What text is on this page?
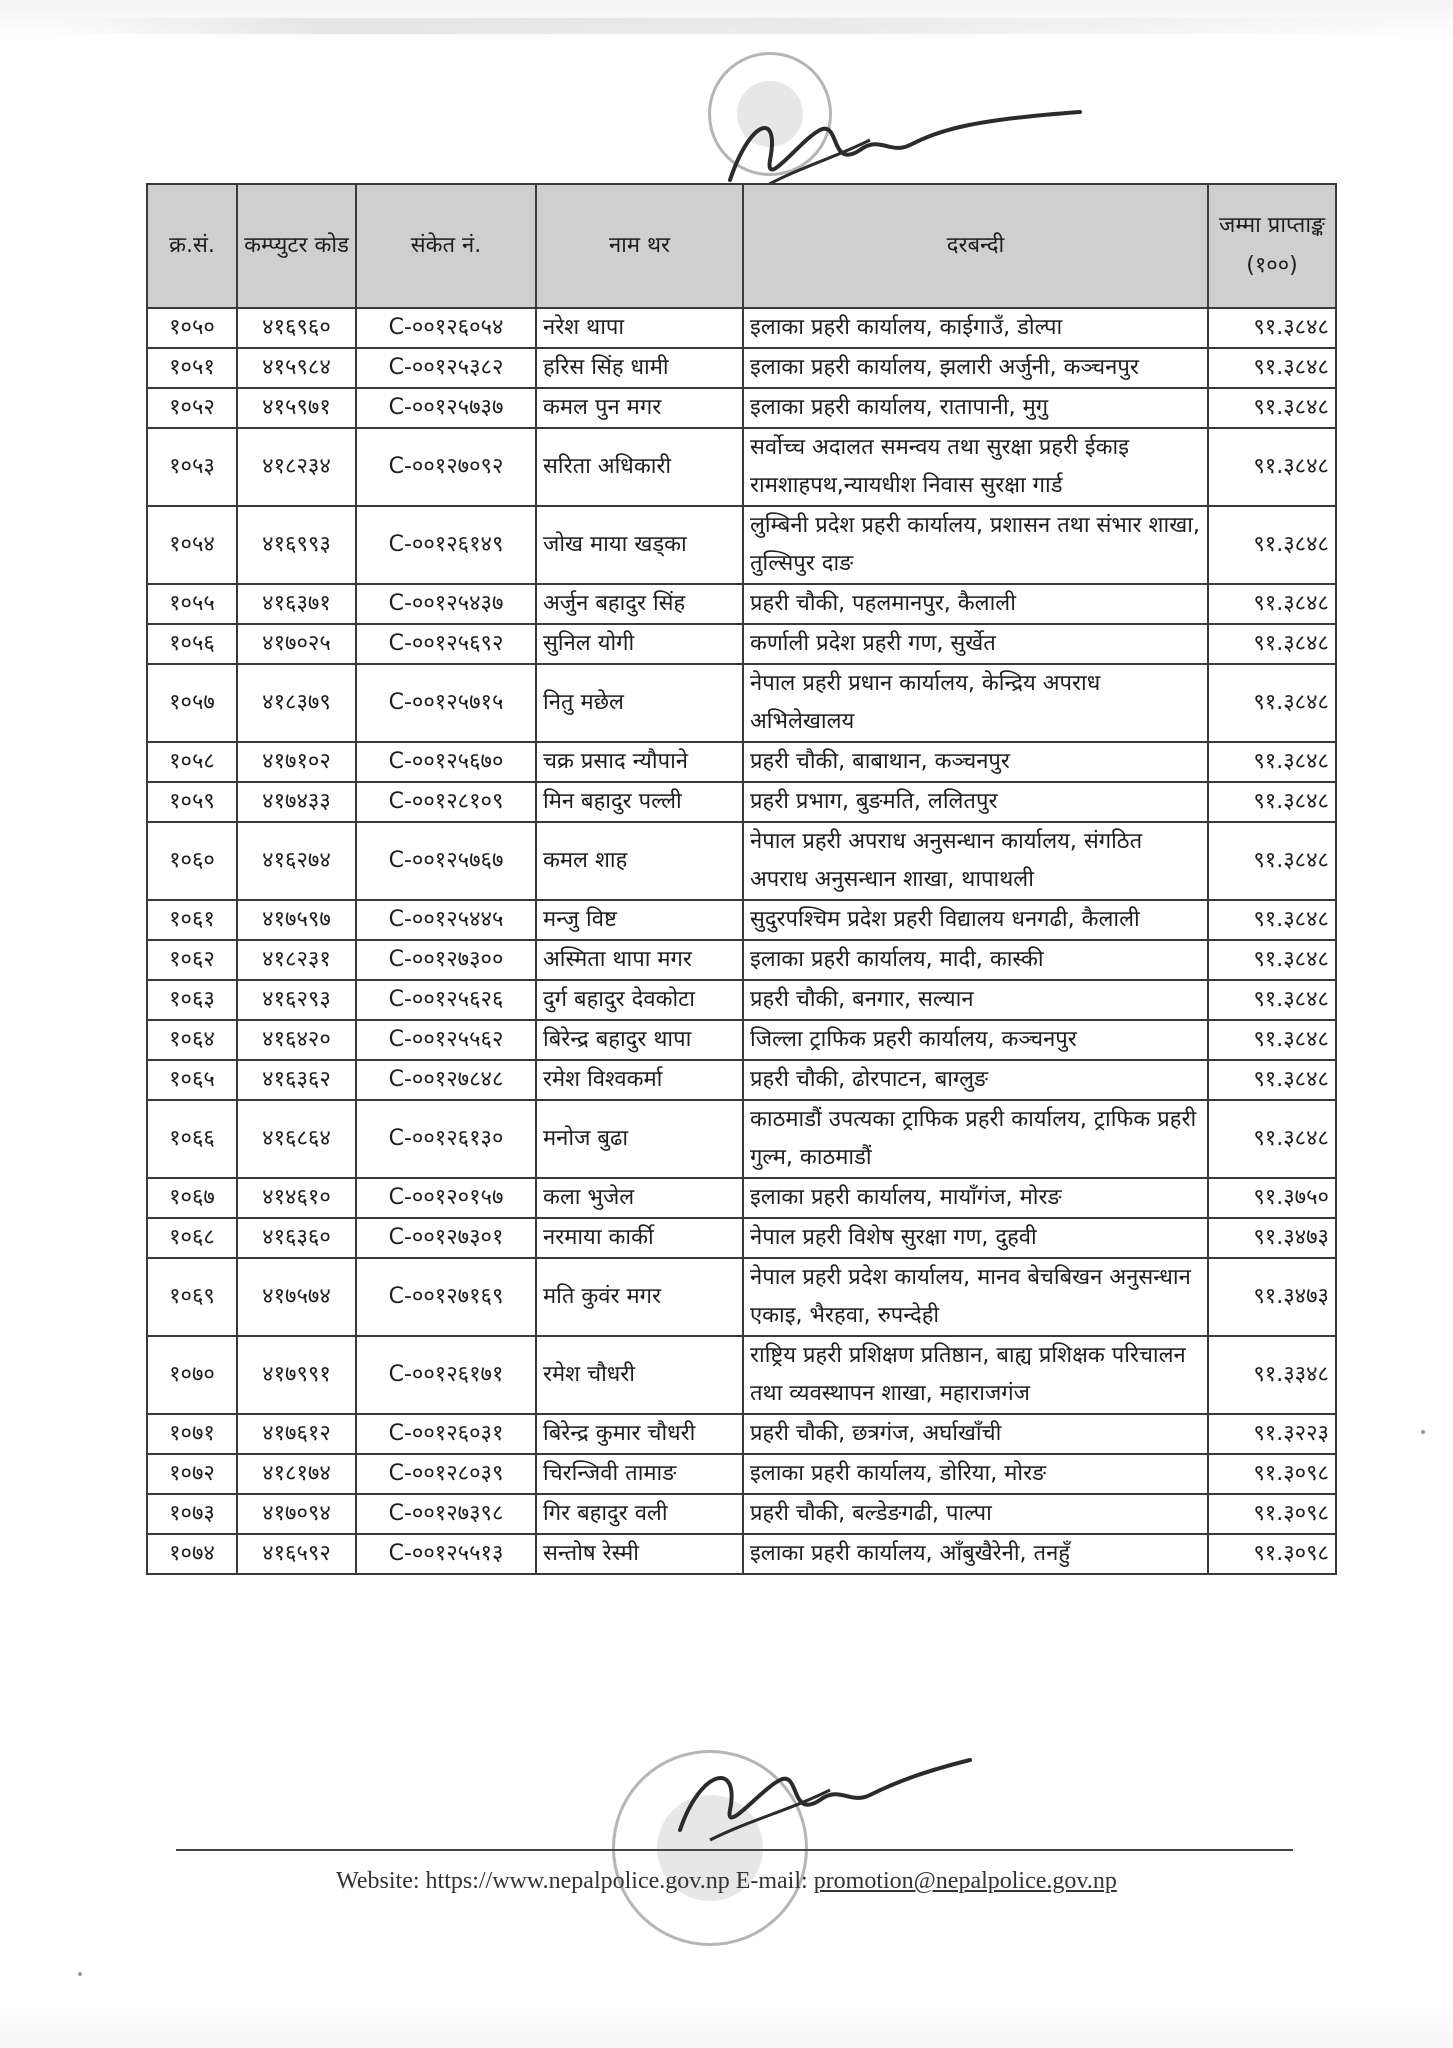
क्र.सं.	कम्प्युटर कोड	संकेत नं.	नाम थर	दरबन्दी	जम्मा प्राप्ताङ्क (१००)
१०५०	४१६९६०	C-००१२६०५४	नरेश थापा	इलाका प्रहरी कार्यालय, काईगाउँ, डोल्पा	९१.३८४८
१०५१	४१५९८४	C-००१२५३८२	हरिस सिंह धामी	इलाका प्रहरी कार्यालय, झलारी अर्जुनी, कञ्चनपुर	९१.३८४८
१०५२	४१५९७१	C-००१२५७३७	कमल पुन मगर	इलाका प्रहरी कार्यालय, रातापानी, मुगु	९१.३८४८
१०५३	४१८२३४	C-००१२७०९२	सरिता अधिकारी	सर्वोच्च अदालत समन्वय तथा सुरक्षा प्रहरी ईकाइ रामशाहपथ,न्यायधीश निवास सुरक्षा गार्ड	९१.३८४८
१०५४	४१६९९३	C-००१२६१४९	जोख माया खड्का	लुम्बिनी प्रदेश प्रहरी कार्यालय, प्रशासन तथा संभार शाखा, तुल्सिपुर दाङ	९१.३८४८
१०५५	४१६३७१	C-००१२५४३७	अर्जुन बहादुर सिंह	प्रहरी चौकी, पहलमानपुर, कैलाली	९१.३८४८
१०५६	४१७०२५	C-००१२५६९२	सुनिल योगी	कर्णाली प्रदेश प्रहरी गण, सुर्खेत	९१.३८४८
१०५७	४१८३७९	C-००१२५७१५	नितु मछेल	नेपाल प्रहरी प्रधान कार्यालय, केन्द्रिय अपराध अभिलेखालय	९१.३८४८
१०५८	४१७१०२	C-००१२५६७०	चक्र प्रसाद न्यौपाने	प्रहरी चौकी, बाबाथान, कञ्चनपुर	९१.३८४८
१०५९	४१७४३३	C-००१२८१०९	मिन बहादुर पल्ली	प्रहरी प्रभाग, बुङमति, ललितपुर	९१.३८४८
१०६०	४१६२७४	C-००१२५७६७	कमल शाह	नेपाल प्रहरी अपराध अनुसन्धान कार्यालय, संगठित अपराध अनुसन्धान शाखा, थापाथली	९१.३८४८
१०६१	४१७५९७	C-००१२५४४५	मन्जु विष्ट	सुदुरपश्चिम प्रदेश प्रहरी विद्यालय धनगढी, कैलाली	९१.३८४८
१०६२	४१८२३१	C-००१२७३००	अस्मिता थापा मगर	इलाका प्रहरी कार्यालय, मादी, कास्की	९१.३८४८
१०६३	४१६२९३	C-००१२५६२६	दुर्ग बहादुर देवकोटा	प्रहरी चौकी, बनगार, सल्यान	९१.३८४८
१०६४	४१६४२०	C-००१२५५६२	बिरेन्द्र बहादुर थापा	जिल्ला ट्राफिक प्रहरी कार्यालय, कञ्चनपुर	९१.३८४८
१०६५	४१६३६२	C-००१२७८४८	रमेश विश्वकर्मा	प्रहरी चौकी, ढोरपाटन, बाग्लुङ	९१.३८४८
१०६६	४१६८६४	C-००१२६१३०	मनोज बुढा	काठमाडौं उपत्यका ट्राफिक प्रहरी कार्यालय, ट्राफिक प्रहरी गुल्म, काठमाडौं	९१.३८४८
१०६७	४१४६१०	C-००१२०१५७	कला भुजेल	इलाका प्रहरी कार्यालय, मायाँगंज, मोरङ	९१.३७५०
१०६८	४१६३६०	C-००१२७३०१	नरमाया कार्की	नेपाल प्रहरी विशेष सुरक्षा गण, दुहवी	९१.३४७३
१०६९	४१७५७४	C-००१२७१६९	मति कुवंर मगर	नेपाल प्रहरी प्रदेश कार्यालय, मानव बेचबिखन अनुसन्धान एकाइ, भैरहवा, रुपन्देही	९१.३४७३
१०७०	४१७९९१	C-००१२६१७१	रमेश चौधरी	राष्ट्रिय प्रहरी प्रशिक्षण प्रतिष्ठान, बाह्य प्रशिक्षक परिचालन तथा व्यवस्थापन शाखा, महाराजगंज	९१.३३४८
१०७१	४१७६१२	C-००१२६०३१	बिरेन्द्र कुमार चौधरी	प्रहरी चौकी, छत्रगंज, अर्घाखाँची	९१.३२२३
१०७२	४१८१७४	C-००१२८०३९	चिरन्जिवी तामाङ	इलाका प्रहरी कार्यालय, डोरिया, मोरङ	९१.३०९८
१०७३	४१७०९४	C-००१२७३९८	गिर बहादुर वली	प्रहरी चौकी, बल्डेङगढी, पाल्पा	९१.३०९८
१०७४	४१६५९२	C-००१२५५१३	सन्तोष रेस्मी	इलाका प्रहरी कार्यालय, आँबुखैरेनी, तनहुँ	९१.३०९८
Website: https://www.nepalpolice.gov.np E-mail: promotion@nepalpolice.gov.np
